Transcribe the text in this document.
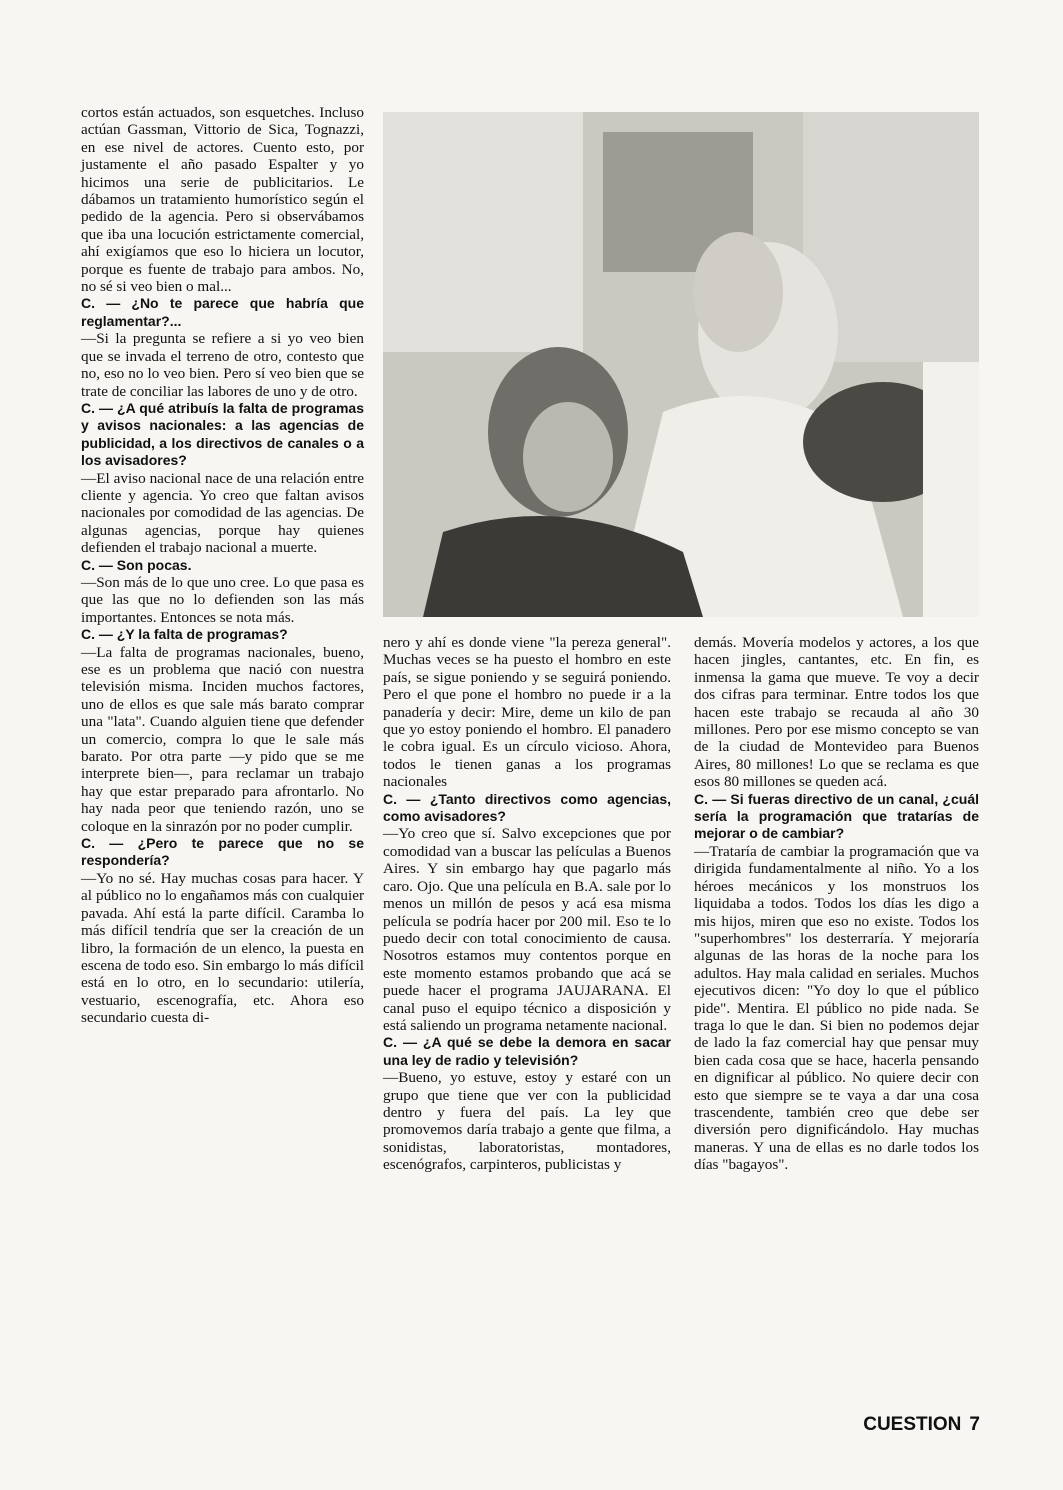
cortos están actuados, son esquetches. Incluso actúan Gassman, Vittorio de Sica, Tognazzi, en ese nivel de actores. Cuento esto, por justamente el año pasado Espalter y yo hicimos una serie de publicitarios. Le dábamos un tratamiento humorístico según el pedido de la agencia. Pero si observábamos que iba una locución estrictamente comercial, ahí exigíamos que eso lo hiciera un locutor, porque es fuente de trabajo para ambos. No, no sé si veo bien o mal...

C. — ¿No te parece que habría que reglamentar?...

—Si la pregunta se refiere a si yo veo bien que se invada el terreno de otro, contesto que no, eso no lo veo bien. Pero sí veo bien que se trate de conciliar las labores de uno y de otro.

C. — ¿A qué atribuís la falta de programas y avisos nacionales: a las agencias de publicidad, a los directivos de canales o a los avisadores?

—El aviso nacional nace de una relación entre cliente y agencia. Yo creo que faltan avisos nacionales por comodidad de las agencias. De algunas agencias, porque hay quienes defienden el trabajo nacional a muerte.

C. — Son pocas.

—Son más de lo que uno cree. Lo que pasa es que las que no lo defienden son las más importantes. Entonces se nota más.

C. — ¿Y la falta de programas?

—La falta de programas nacionales, bueno, ese es un problema que nació con nuestra televisión misma. Inciden muchos factores, uno de ellos es que sale más barato comprar una "lata". Cuando alguien tiene que defender un comercio, compra lo que le sale más barato. Por otra parte —y pido que se me interprete bien—, para reclamar un trabajo hay que estar preparado para afrontarlo. No hay nada peor que teniendo razón, uno se coloque en la sinrazón por no poder cumplir.

C. — ¿Pero te parece que no se respondería?

—Yo no sé. Hay muchas cosas para hacer. Y al público no lo engañamos más con cualquier pavada. Ahí está la parte difícil. Caramba lo más difícil tendría que ser la creación de un libro, la formación de un elenco, la puesta en escena de todo eso. Sin embargo lo más difícil está en lo otro, en lo secundario: utilería, vestuario, escenografía, etc. Ahora eso secundario cuesta di-

nero y ahí es donde viene "la pereza general". Muchas veces se ha puesto el hombro en este país, se sigue poniendo y se seguirá poniendo. Pero el que pone el hombro no puede ir a la panadería y decir: Mire, deme un kilo de pan que yo estoy poniendo el hombro. El panadero le cobra igual. Es un círculo vicioso. Ahora, todos le tienen ganas a los programas nacionales

C. — ¿Tanto directivos como agencias, como avisadores?

—Yo creo que sí. Salvo excepciones que por comodidad van a buscar las películas a Buenos Aires. Y sin embargo hay que pagarlo más caro. Ojo. Que una película en B.A. sale por lo menos un millón de pesos y acá esa misma película se podría hacer por 200 mil. Eso te lo puedo decir con total conocimiento de causa. Nosotros estamos muy contentos porque en este momento estamos probando que acá se puede hacer el programa JAUJARANA. El canal puso el equipo técnico a disposición y está saliendo un programa netamente nacional.

C. — ¿A qué se debe la demora en sacar una ley de radio y televisión?

—Bueno, yo estuve, estoy y estaré con un grupo que tiene que ver con la publicidad dentro y fuera del país. La ley que promovemos daría trabajo a gente que filma, a sonidistas, laboratoristas, montadores, escenógrafos, carpinteros, publicistas y

demás. Movería modelos y actores, a los que hacen jingles, cantantes, etc. En fin, es inmensa la gama que mueve. Te voy a decir dos cifras para terminar. Entre todos los que hacen este trabajo se recauda al año 30 millones. Pero por ese mismo concepto se van de la ciudad de Montevideo para Buenos Aires, 80 millones! Lo que se reclama es que esos 80 millones se queden acá.

C. — Si fueras directivo de un canal, ¿cuál sería la programación que tratarías de mejorar o de cambiar?

—Trataría de cambiar la programación que va dirigida fundamentalmente al niño. Yo a los héroes mecánicos y los monstruos los liquidaba a todos. Todos los días les digo a mis hijos, miren que eso no existe. Todos los "superhombres" los desterraría. Y mejoraría algunas de las horas de la noche para los adultos. Hay mala calidad en seriales. Muchos ejecutivos dicen: "Yo doy lo que el público pide". Mentira. El público no pide nada. Se traga lo que le dan. Si bien no podemos dejar de lado la faz comercial hay que pensar muy bien cada cosa que se hace, hacerla pensando en dignificar al público. No quiere decir con esto que siempre se te vaya a dar una cosa trascendente, también creo que debe ser diversión pero dignificándolo. Hay muchas maneras. Y una de ellas es no darle todos los días "bagayos".

CUESTION 7
